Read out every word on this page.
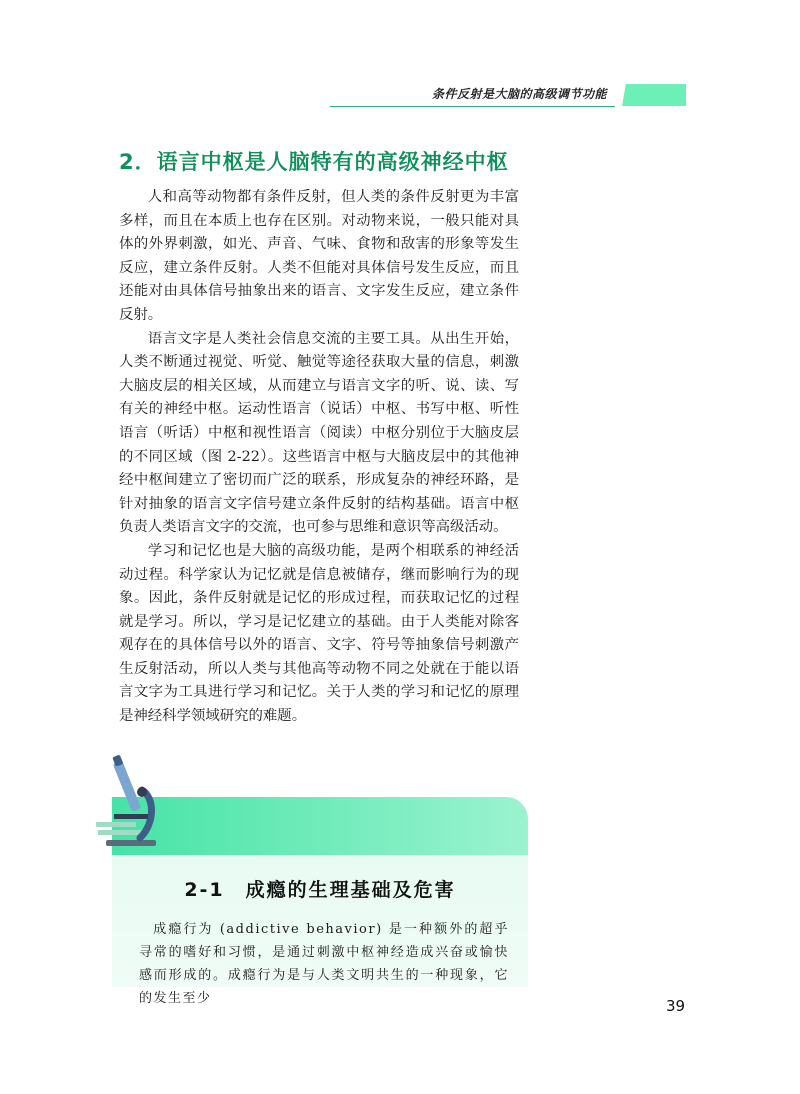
条件反射是大脑的高级调节功能
2．语言中枢是人脑特有的高级神经中枢

人和高等动物都有条件反射，但人类的条件反射更为丰富多样，而且在本质上也存在区别。对动物来说，一般只能对具体的外界刺激，如光、声音、气味、食物和敌害的形象等发生反应，建立条件反射。人类不但能对具体信号发生反应，而且还能对由具体信号抽象出来的语言、文字发生反应，建立条件反射。

语言文字是人类社会信息交流的主要工具。从出生开始，人类不断通过视觉、听觉、触觉等途径获取大量的信息，刺激大脑皮层的相关区域，从而建立与语言文字的听、说、读、写有关的神经中枢。运动性语言（说话）中枢、书写中枢、听性语言（听话）中枢和视性语言（阅读）中枢分别位于大脑皮层的不同区域（图 2-22）。这些语言中枢与大脑皮层中的其他神经中枢间建立了密切而广泛的联系，形成复杂的神经环路，是针对抽象的语言文字信号建立条件反射的结构基础。语言中枢负责人类语言文字的交流，也可参与思维和意识等高级活动。

学习和记忆也是大脑的高级功能，是两个相联系的神经活动过程。科学家认为记忆就是信息被储存，继而影响行为的现象。因此，条件反射就是记忆的形成过程，而获取记忆的过程就是学习。所以，学习是记忆建立的基础。由于人类能对除客观存在的具体信号以外的语言、文字、符号等抽象信号刺激产生反射活动，所以人类与其他高等动物不同之处就在于能以语言文字为工具进行学习和记忆。关于人类的学习和记忆的原理是神经科学领域研究的难题。

2-1　成瘾的生理基础及危害

成瘾行为 (addictive behavior) 是一种额外的超乎寻常的嗜好和习惯，是通过刺激中枢神经造成兴奋或愉快感而形成的。成瘾行为是与人类文明共生的一种现象，它的发生至少	39
